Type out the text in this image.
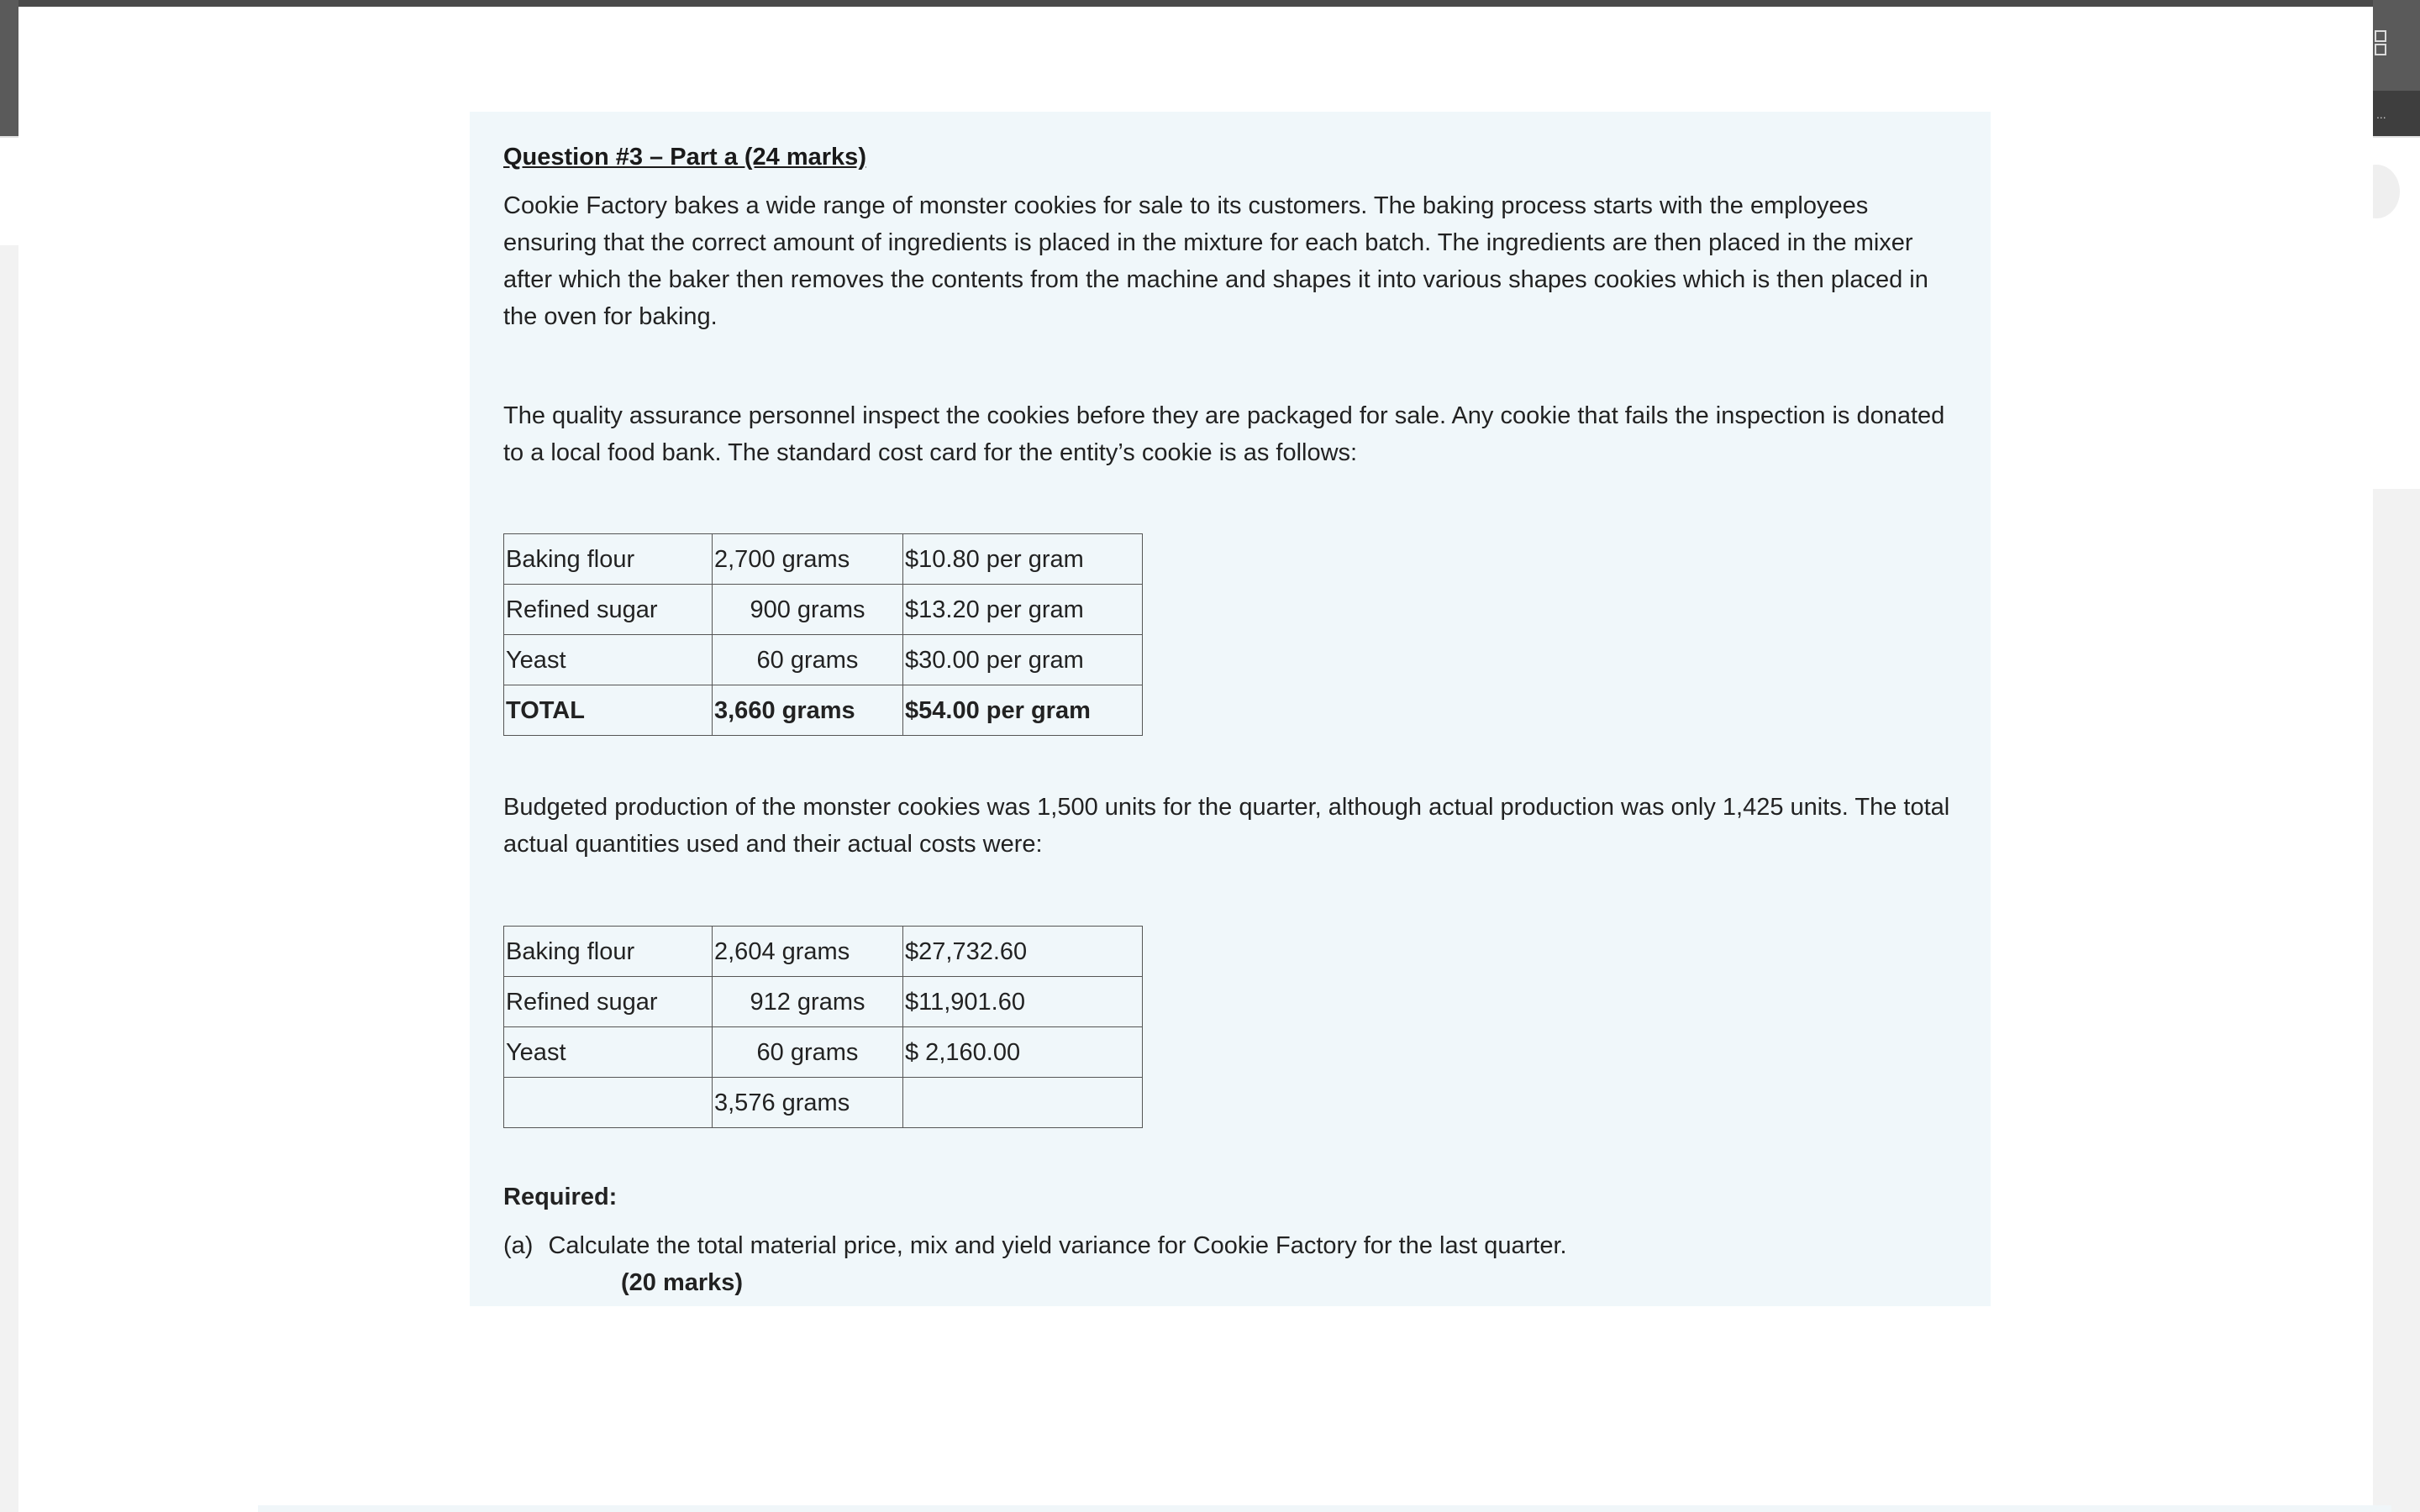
...

Question #3 – Part a (24 marks)

Cookie Factory bakes a wide range of monster cookies for sale to its customers. The baking process starts with the employees ensuring that the correct amount of ingredients is placed in the mixture for each batch. The ingredients are then placed in the mixer after which the baker then removes the contents from the machine and shapes it into various shapes cookies which is then placed in the oven for baking.

The quality assurance personnel inspect the cookies before they are packaged for sale. Any cookie that fails the inspection is donated to a local food bank. The standard cost card for the entity’s cookie is as follows:

Baking flour	2,700 grams	$10.80 per gram
Refined sugar	900 grams	$13.20 per gram
Yeast	60 grams	$30.00 per gram
TOTAL	3,660 grams	$54.00 per gram

Budgeted production of the monster cookies was 1,500 units for the quarter, although actual production was only 1,425 units. The total actual quantities used and their actual costs were:

Baking flour	2,604 grams	$27,732.60
Refined sugar	912 grams	$11,901.60
Yeast	60 grams	$ 2,160.00
	3,576 grams	

Required:

(a) Calculate the total material price, mix and yield variance for Cookie Factory for the last quarter.

(20 marks)
